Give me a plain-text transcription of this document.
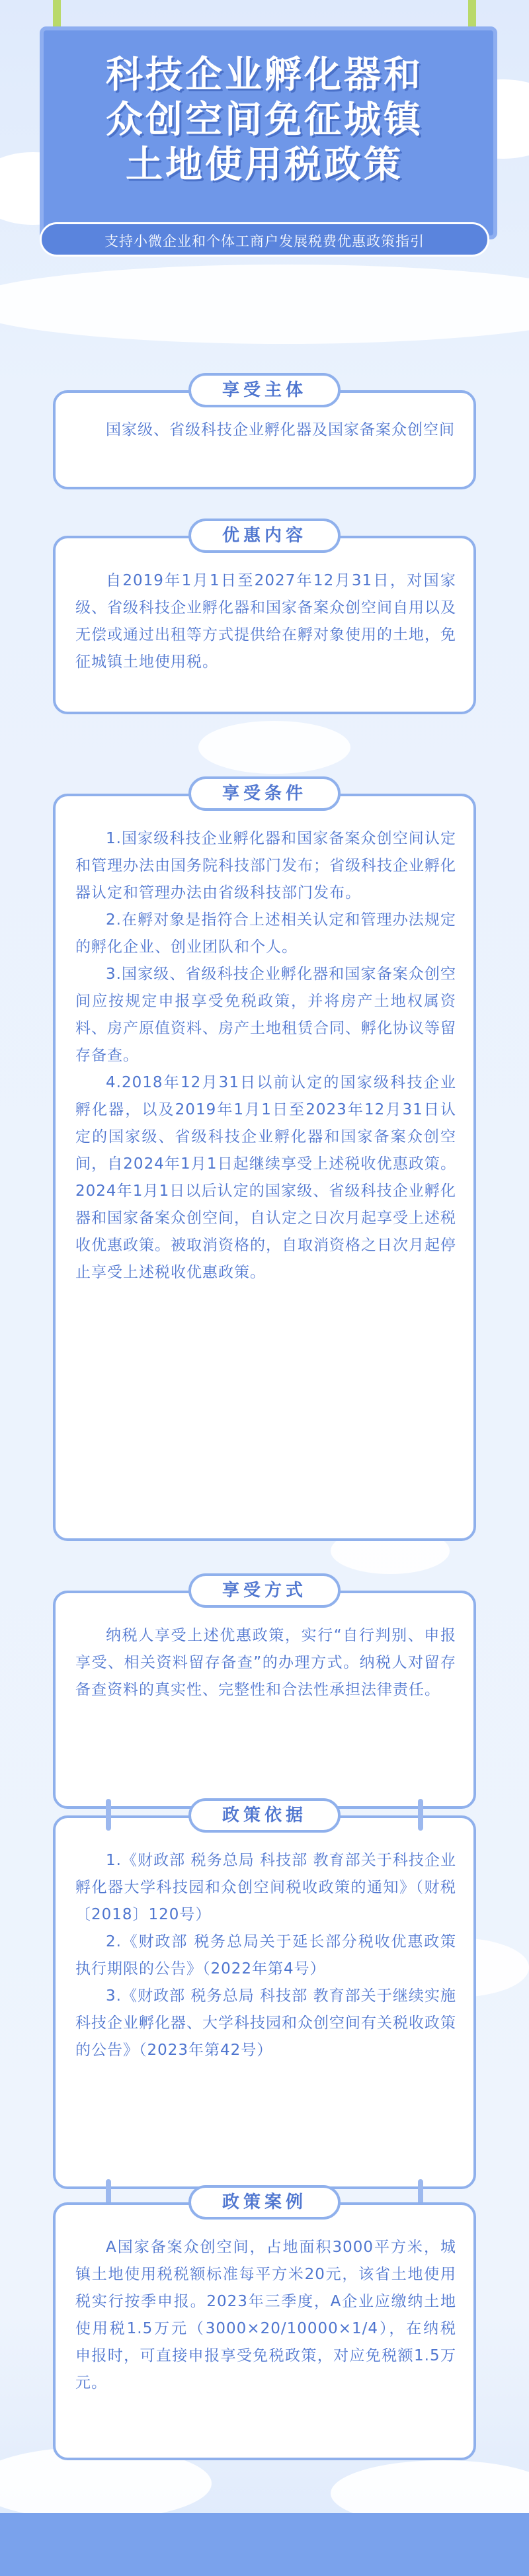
科技企业孵化器和
众创空间免征城镇
土地使用税政策
支持小微企业和个体工商户发展税费优惠政策指引
享受主体

国家级、省级科技企业孵化器及国家备案众创空间

优惠内容

自2019年1月1日至2027年12月31日，对国家级、省级科技企业孵化器和国家备案众创空间自用以及无偿或通过出租等方式提供给在孵对象使用的土地，免征城镇土地使用税。

享受条件

1.国家级科技企业孵化器和国家备案众创空间认定和管理办法由国务院科技部门发布；省级科技企业孵化器认定和管理办法由省级科技部门发布。

2.在孵对象是指符合上述相关认定和管理办法规定的孵化企业、创业团队和个人。

3.国家级、省级科技企业孵化器和国家备案众创空间应按规定申报享受免税政策，并将房产土地权属资料、房产原值资料、房产土地租赁合同、孵化协议等留存备查。

4.2018年12月31日以前认定的国家级科技企业孵化器，以及2019年1月1日至2023年12月31日认定的国家级、省级科技企业孵化器和国家备案众创空间，自2024年1月1日起继续享受上述税收优惠政策。2024年1月1日以后认定的国家级、省级科技企业孵化器和国家备案众创空间，自认定之日次月起享受上述税收优惠政策。被取消资格的，自取消资格之日次月起停止享受上述税收优惠政策。

享受方式

纳税人享受上述优惠政策，实行“自行判别、申报享受、相关资料留存备查”的办理方式。纳税人对留存备查资料的真实性、完整性和合法性承担法律责任。

政策依据

1.《财政部 税务总局 科技部 教育部关于科技企业孵化器大学科技园和众创空间税收政策的通知》（财税〔2018〕120号）

2.《财政部 税务总局关于延长部分税收优惠政策执行期限的公告》（2022年第4号）

3.《财政部 税务总局 科技部 教育部关于继续实施科技企业孵化器、大学科技园和众创空间有关税收政策的公告》（2023年第42号）

政策案例

A国家备案众创空间，占地面积3000平方米，城镇土地使用税税额标准每平方米20元，该省土地使用税实行按季申报。2023年三季度，A企业应缴纳土地使用税1.5万元（3000×20/10000×1/4），在纳税申报时，可直接申报享受免税政策，对应免税额1.5万元。
